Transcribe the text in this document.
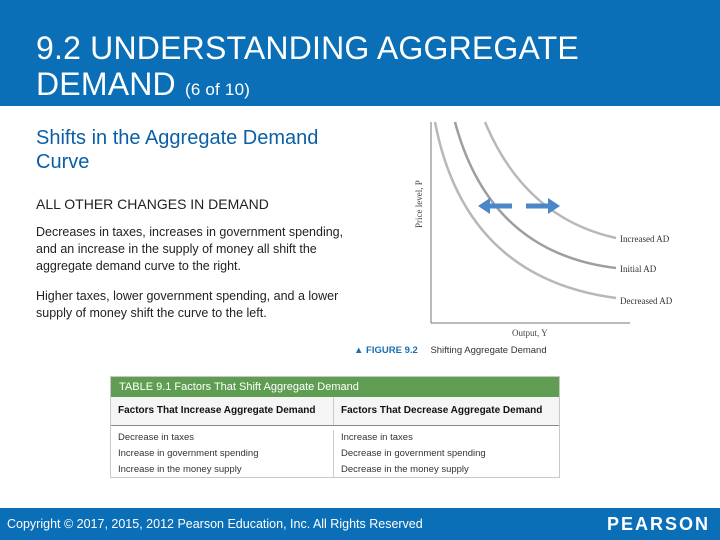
9.2 UNDERSTANDING AGGREGATE
DEMAND (6 of 10)
Shifts in the Aggregate Demand Curve
ALL OTHER CHANGES IN DEMAND
Decreases in taxes, increases in government spending, and an increase in the supply of money all shift the aggregate demand curve to the right.
Higher taxes, lower government spending, and a lower supply of money shift the curve to the left.
Price level, P
Output, Y
Increased AD
Initial AD
Decreased AD
▲ FIGURE 9.2 Shifting Aggregate Demand
TABLE 9.1 Factors That Shift Aggregate Demand
Factors That Increase Aggregate Demand	Factors That Decrease Aggregate Demand
Decrease in taxes
Increase in government spending
Increase in the money supply
Increase in taxes
Decrease in government spending
Decrease in the money supply
Copyright © 2017, 2015, 2012 Pearson Education, Inc. All Rights Reserved	PEARSON
